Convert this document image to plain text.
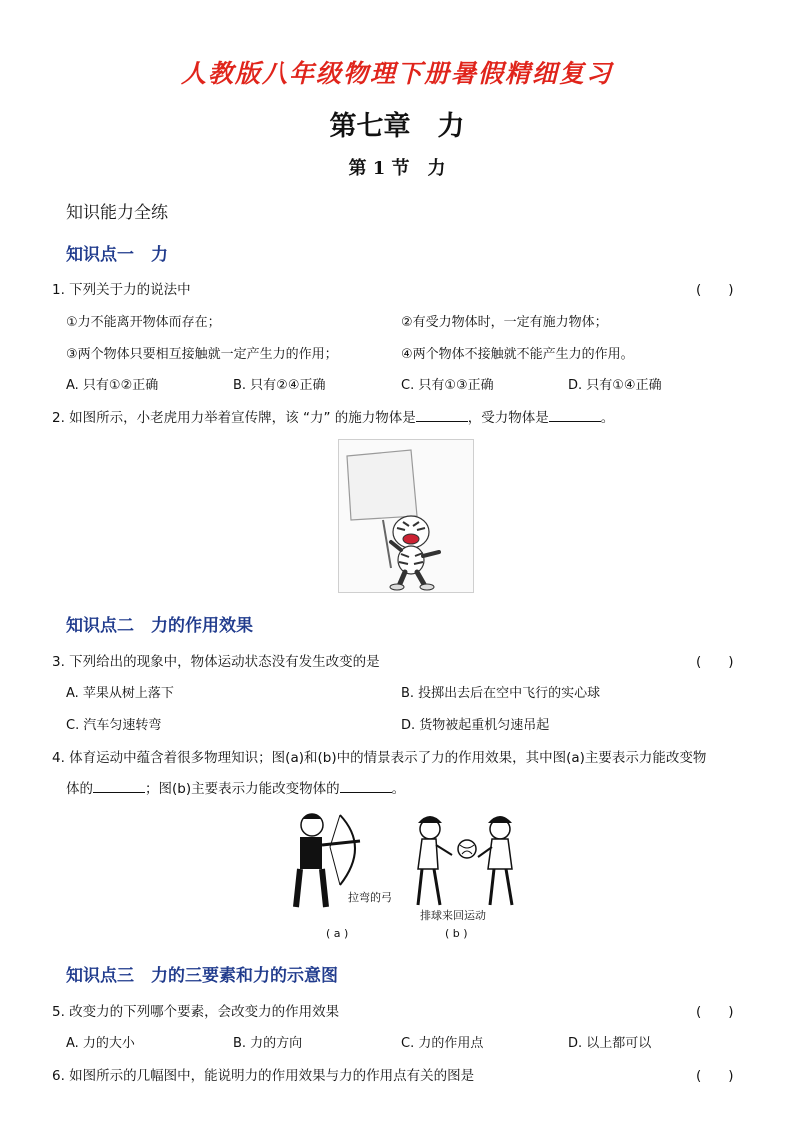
人教版八年级物理下册暑假精细复习
第七章　力
第 1 节　力
知识能力全练
知识点一　力
1. 下列关于力的说法中	(　　)
①力不能离开物体而存在；	②有受力物体时，一定有施力物体；
③两个物体只要相互接触就一定产生力的作用；	④两个物体不接触就不能产生力的作用。
A. 只有①②正确	B. 只有②④正确	C. 只有①③正确	D. 只有①④正确
2. 如图所示，小老虎用力举着宣传牌，该 “力” 的施力物体是	，受力物体是	。
知识点二　力的作用效果
3. 下列给出的现象中，物体运动状态没有发生改变的是	(　　)
A. 苹果从树上落下	B. 投掷出去后在空中飞行的实心球
C. 汽车匀速转弯	D. 货物被起重机匀速吊起
4. 体育运动中蕴含着很多物理知识；图(a)和(b)中的情景表示了力的作用效果，其中图(a)主要表示力能改变物
体的	；图(b)主要表示力能改变物体的	。
拉弯的弓
排球来回运动
( a )	( b )
知识点三　力的三要素和力的示意图
5. 改变力的下列哪个要素，会改变力的作用效果	(　　)
A. 力的大小	B. 力的方向	C. 力的作用点	D. 以上都可以
6. 如图所示的几幅图中，能说明力的作用效果与力的作用点有关的图是	(　　)
